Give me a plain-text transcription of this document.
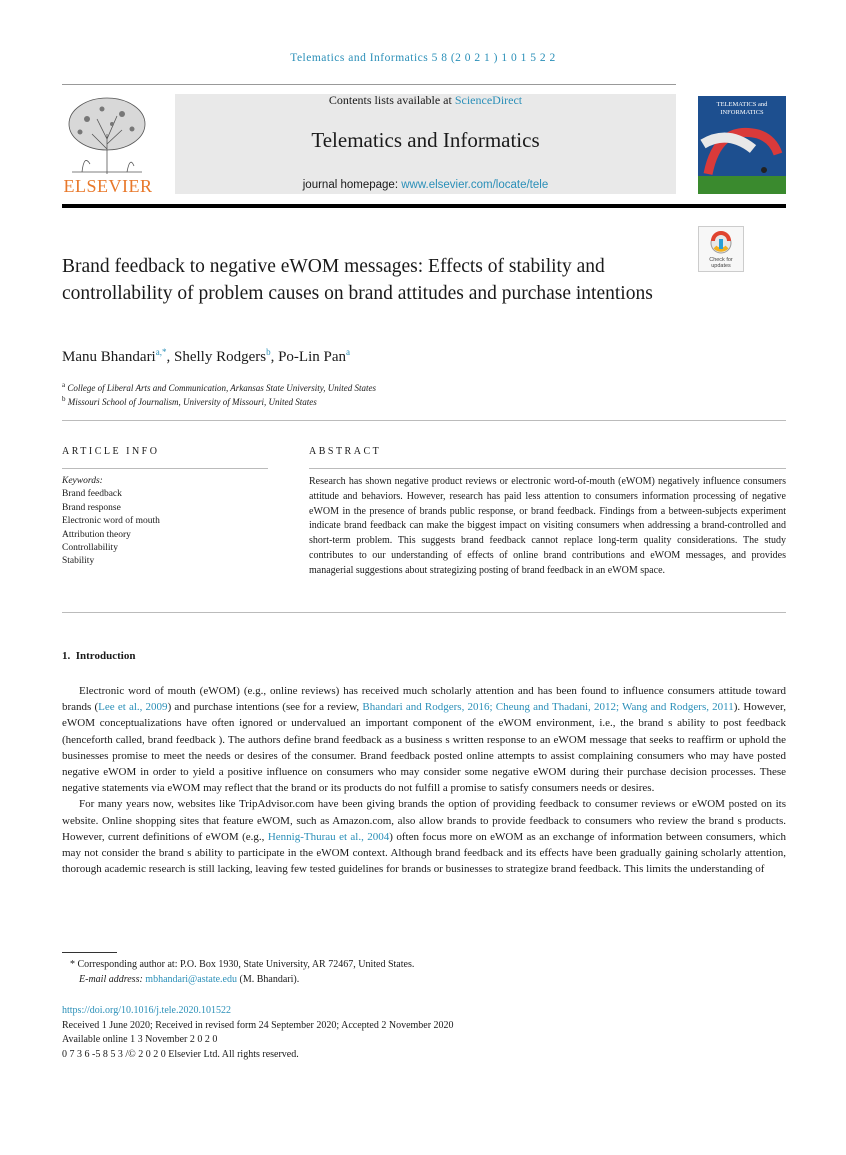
Telematics and Informatics 5 8 (2 0 2 1 ) 1 0 1 5 2 2
ELSEVIER
Contents lists available at ScienceDirect
Telematics and Informatics
journal homepage: www.elsevier.com/locate/tele
TELEMATICS and
INFORMATICS
Check for
updates
Brand feedback to negative eWOM messages: Effects of stability and controllability of problem causes on brand attitudes and purchase intentions
Manu Bhandari$^{a,*}$, Shelly Rodgers$^b$, Po-Lin Pan$^a$
$^a$ College of Liberal Arts and Communication, Arkansas State University, United States
$^b$ Missouri School of Journalism, University of Missouri, United States
ARTICLE INFO	ABSTRACT
Keywords:
Brand feedback
Brand response
Electronic word of mouth
Attribution theory
Controllability
Stability
Research has shown negative product reviews or electronic word-of-mouth (eWOM) negatively influence consumers attitude and behaviors. However, research has paid less attention to consumers information processing of negative eWOM in the presence of brands public response, or brand feedback. Findings from a between-subjects experiment indicate brand feedback can make the biggest impact on visiting consumers when addressing a brand-controlled and short-term problem. This suggests brand feedback cannot replace long-term quality considerations. The study contributes to our understanding of effects of online brand contributions and eWOM messages, and provides managerial suggestions about strategizing posting of brand feedback in an eWOM space.
1. Introduction

Electronic word of mouth (eWOM) (e.g., online reviews) has received much scholarly attention and has been found to influence consumers attitude toward brands (Lee et al., 2009) and purchase intentions (see for a review, Bhandari and Rodgers, 2016; Cheung and Thadani, 2012; Wang and Rodgers, 2011). However, eWOM conceptualizations have often ignored or undervalued an important component of the eWOM environment, i.e., the brand s ability to post feedback (henceforth called, brand feedback ). The authors define brand feedback as a business s written response to an eWOM message that seeks to reaffirm or uphold the businesses promise to meet the needs or desires of the consumer. Brand feedback posted online attempts to assist complaining consumers who may have posted negative eWOM in order to yield a positive influence on consumers who may consider some negative eWOM during their purchase decision processes. These negative statements via eWOM may reflect that the brand or its products do not fulfill a promise to satisfy consumers needs or desires.

For many years now, websites like TripAdvisor.com have been giving brands the option of providing feedback to consumer reviews or eWOM posted on its website. Online shopping sites that feature eWOM, such as Amazon.com, also allow brands to provide feedback to consumers who review the brand s products. However, current definitions of eWOM (e.g., Hennig-Thurau et al., 2004) often focus more on eWOM as an exchange of information between consumers, which may not consider the brand s ability to participate in the eWOM context. Although brand feedback and its effects have been gradually gaining scholarly attention, thorough academic research is still lacking, leaving few tested guidelines for brands or businesses to strategize brand feedback. This limits the understanding of

* Corresponding author at: P.O. Box 1930, State University, AR 72467, United States.
E-mail address: mbhandari@astate.edu (M. Bhandari).
https://doi.org/10.1016/j.tele.2020.101522
Received 1 June 2020; Received in revised form 24 September 2020; Accepted 2 November 2020
Available online 1 3 November 2 0 2 0
0 7 3 6 -5 8 5 3 /© 2 0 2 0 Elsevier Ltd. All rights reserved.
